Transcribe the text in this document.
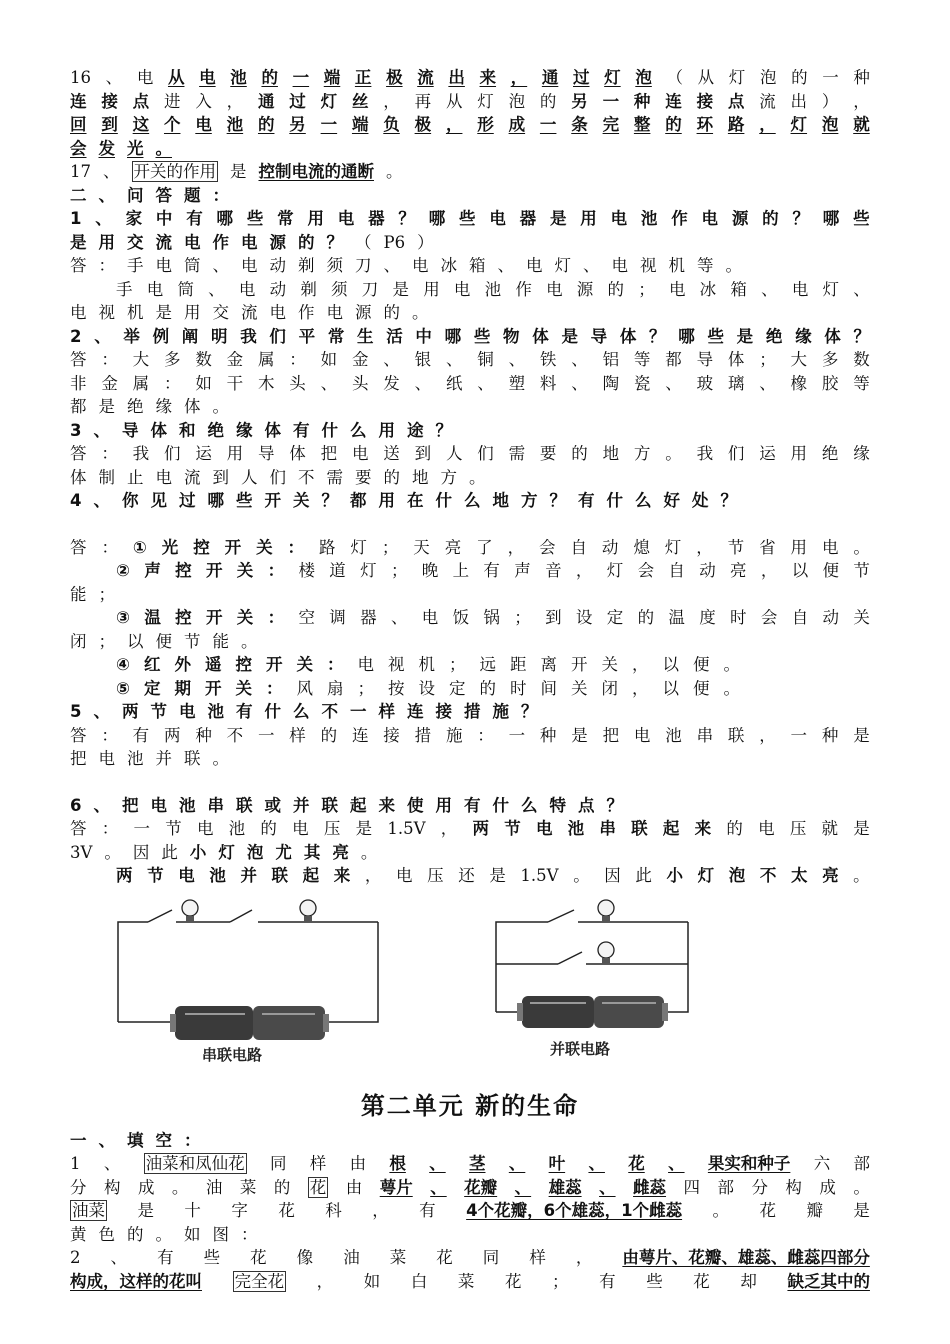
16 、 电 从 电 池 的 一 端 正 极 流 出 来 ， 通 过 灯 泡 （ 从 灯 泡 的 一 种
连 接 点 进 入 ， 通 过 灯 丝 ， 再 从 灯 泡 的 另 一 种 连 接 点 流 出 ） ，
回 到 这 个 电 池 的 另 一 端 负 极 ， 形 成 一 条 完 整 的 环 路 ， 灯 泡 就
会 发 光 。
17 、 开关的作用 是 控制电流的通断 。
二 、 问 答 题 ：
1 、 家 中 有 哪 些 常 用 电 器 ？ 哪 些 电 器 是 用 电 池 作 电 源 的 ？ 哪 些
是 用 交 流 电 作 电 源 的 ？ （ P6 ）
答 ： 手 电 筒 、 电 动 剃 须 刀 、 电 冰 箱 、 电 灯 、 电 视 机 等 。
手 电 筒 、 电 动 剃 须 刀 是 用 电 池 作 电 源 的 ； 电 冰 箱 、 电 灯 、
电 视 机 是 用 交 流 电 作 电 源 的 。
2 、 举 例 阐 明 我 们 平 常 生 活 中 哪 些 物 体 是 导 体 ？ 哪 些 是 绝 缘 体 ？
答 ： 大 多 数 金 属 ： 如 金 、 银 、 铜 、 铁 、 铝 等 都 导 体 ； 大 多 数
非 金 属 ： 如 干 木 头 、 头 发 、 纸 、 塑 料 、 陶 瓷 、 玻 璃 、 橡 胶 等
都 是 绝 缘 体 。
3 、 导 体 和 绝 缘 体 有 什 么 用 途 ？
答 ： 我 们 运 用 导 体 把 电 送 到 人 们 需 要 的 地 方 。 我 们 运 用 绝 缘
体 制 止 电 流 到 人 们 不 需 要 的 地 方 。
4 、 你 见 过 哪 些 开 关 ？ 都 用 在 什 么 地 方 ？ 有 什 么 好 处 ？
答 ： ① 光 控 开 关 ： 路 灯 ； 天 亮 了 ， 会 自 动 熄 灯 ， 节 省 用 电 。
② 声 控 开 关 ： 楼 道 灯 ； 晚 上 有 声 音 ， 灯 会 自 动 亮 ， 以 便 节
能 ；
③ 温 控 开 关 ： 空 调 器 、 电 饭 锅 ； 到 设 定 的 温 度 时 会 自 动 关
闭 ； 以 便 节 能 。
④ 红 外 遥 控 开 关 ： 电 视 机 ； 远 距 离 开 关 ， 以 便 。
⑤ 定 期 开 关 ： 风 扇 ； 按 设 定 的 时 间 关 闭 ， 以 便 。
5 、 两 节 电 池 有 什 么 不 一 样 连 接 措 施 ？
答 ： 有 两 种 不 一 样 的 连 接 措 施 ： 一 种 是 把 电 池 串 联 ， 一 种 是
把 电 池 并 联 。
6 、 把 电 池 串 联 或 并 联 起 来 使 用 有 什 么 特 点 ？
答 ： 一 节 电 池 的 电 压 是 1.5V ， 两 节 电 池 串 联 起 来 的 电 压 就 是
3V 。 因 此 小 灯 泡 尤 其 亮 。
两 节 电 池 并 联 起 来 ， 电 压 还 是 1.5V 。 因 此 小 灯 泡 不 太 亮 。
串联电路	并联电路
第二单元 新的生命
一 、 填 空 ：
1 、 油菜和凤仙花 同 样 由 根 、 茎 、 叶 、 花 、 果实和种子 六 部
分 构 成 。 油 菜 的 花 由 萼片 、 花瓣 、 雄蕊 、 雌蕊 四 部 分 构 成 。
油菜 是 十 字 花 科 ， 有 4个花瓣，6个雄蕊，1个雌蕊 。 花 瓣 是
黄 色 的 。 如 图 ：
2 、 有 些 花 像 油 菜 花 同 样 ， 由萼片、花瓣、雄蕊、雌蕊四部分
构成，这样的花叫 完全花 ， 如 白 菜 花 ； 有 些 花 却 缺乏其中的
